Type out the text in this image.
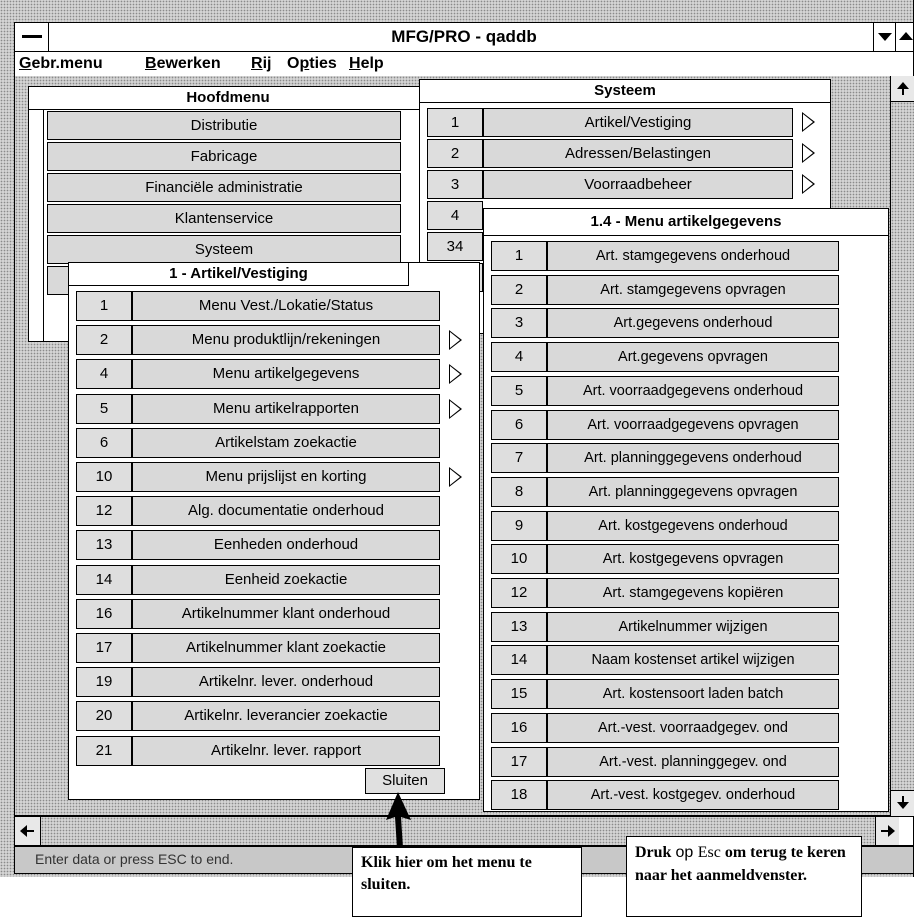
MFG/PRO - qaddb
Gebr.menu	Bewerken Rij Opties Help
Enter data or press ESC to end.
Hoofdmenu
Distributie
Fabricage
Financiële administratie
Klantenservice
Systeem
Systeem
1	Artikel/Vestiging
2	Adressen/Belastingen
3	Voorraadbeheer
4
34
1 - Artikel/Vestiging
1	Menu Vest./Lokatie/Status
2	Menu produktlijn/rekeningen
4	Menu artikelgegevens
5	Menu artikelrapporten
6	Artikelstam zoekactie
10	Menu prijslijst en korting
12	Alg. documentatie onderhoud
13	Eenheden onderhoud
14	Eenheid zoekactie
16	Artikelnummer klant onderhoud
17	Artikelnummer klant zoekactie
19	Artikelnr. lever. onderhoud
20	Artikelnr. leverancier zoekactie
21	Artikelnr. lever. rapport
Sluiten
1.4 - Menu artikelgegevens
1	Art. stamgegevens onderhoud
2	Art. stamgegevens opvragen
3	Art.gegevens onderhoud
4	Art.gegevens opvragen
5	Art. voorraadgegevens onderhoud
6	Art. voorraadgegevens opvragen
7	Art. planninggegevens onderhoud
8	Art. planninggegevens opvragen
9	Art. kostgegevens onderhoud
10	Art. kostgegevens opvragen
12	Art. stamgegevens kopiëren
13	Artikelnummer wijzigen
14	Naam kostenset artikel wijzigen
15	Art. kostensoort laden batch
16	Art.-vest. voorraadgegev. ond
17	Art.-vest. planninggegev. ond
18	Art.-vest. kostgegev. onderhoud
Klik hier om het menu te sluiten.
Druk op Esc om terug te keren naar het aanmeldvenster.
